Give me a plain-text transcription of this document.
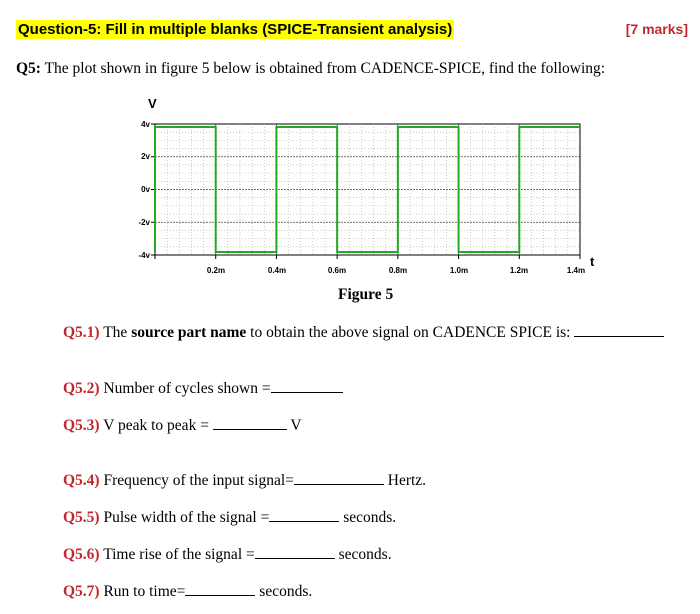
Question-5: Fill in multiple blanks (SPICE-Transient analysis)	[7 marks]
Q5: The plot shown in figure 5 below is obtained from CADENCE-SPICE, find the following:
V
t
4v
2v
0v
-2v
-4v
0.2m	0.4m	0.6m	0.8m	1.0m	1.2m	1.4m
Figure 5
Q5.1) The source part name to obtain the above signal on CADENCE SPICE is:
Q5.2) Number of cycles shown =
Q5.3) V peak to peak =	V
Q5.4) Frequency of the input signal=	Hertz.
Q5.5) Pulse width of the signal =	seconds.
Q5.6) Time rise of the signal =	seconds.
Q5.7) Run to time=	seconds.
